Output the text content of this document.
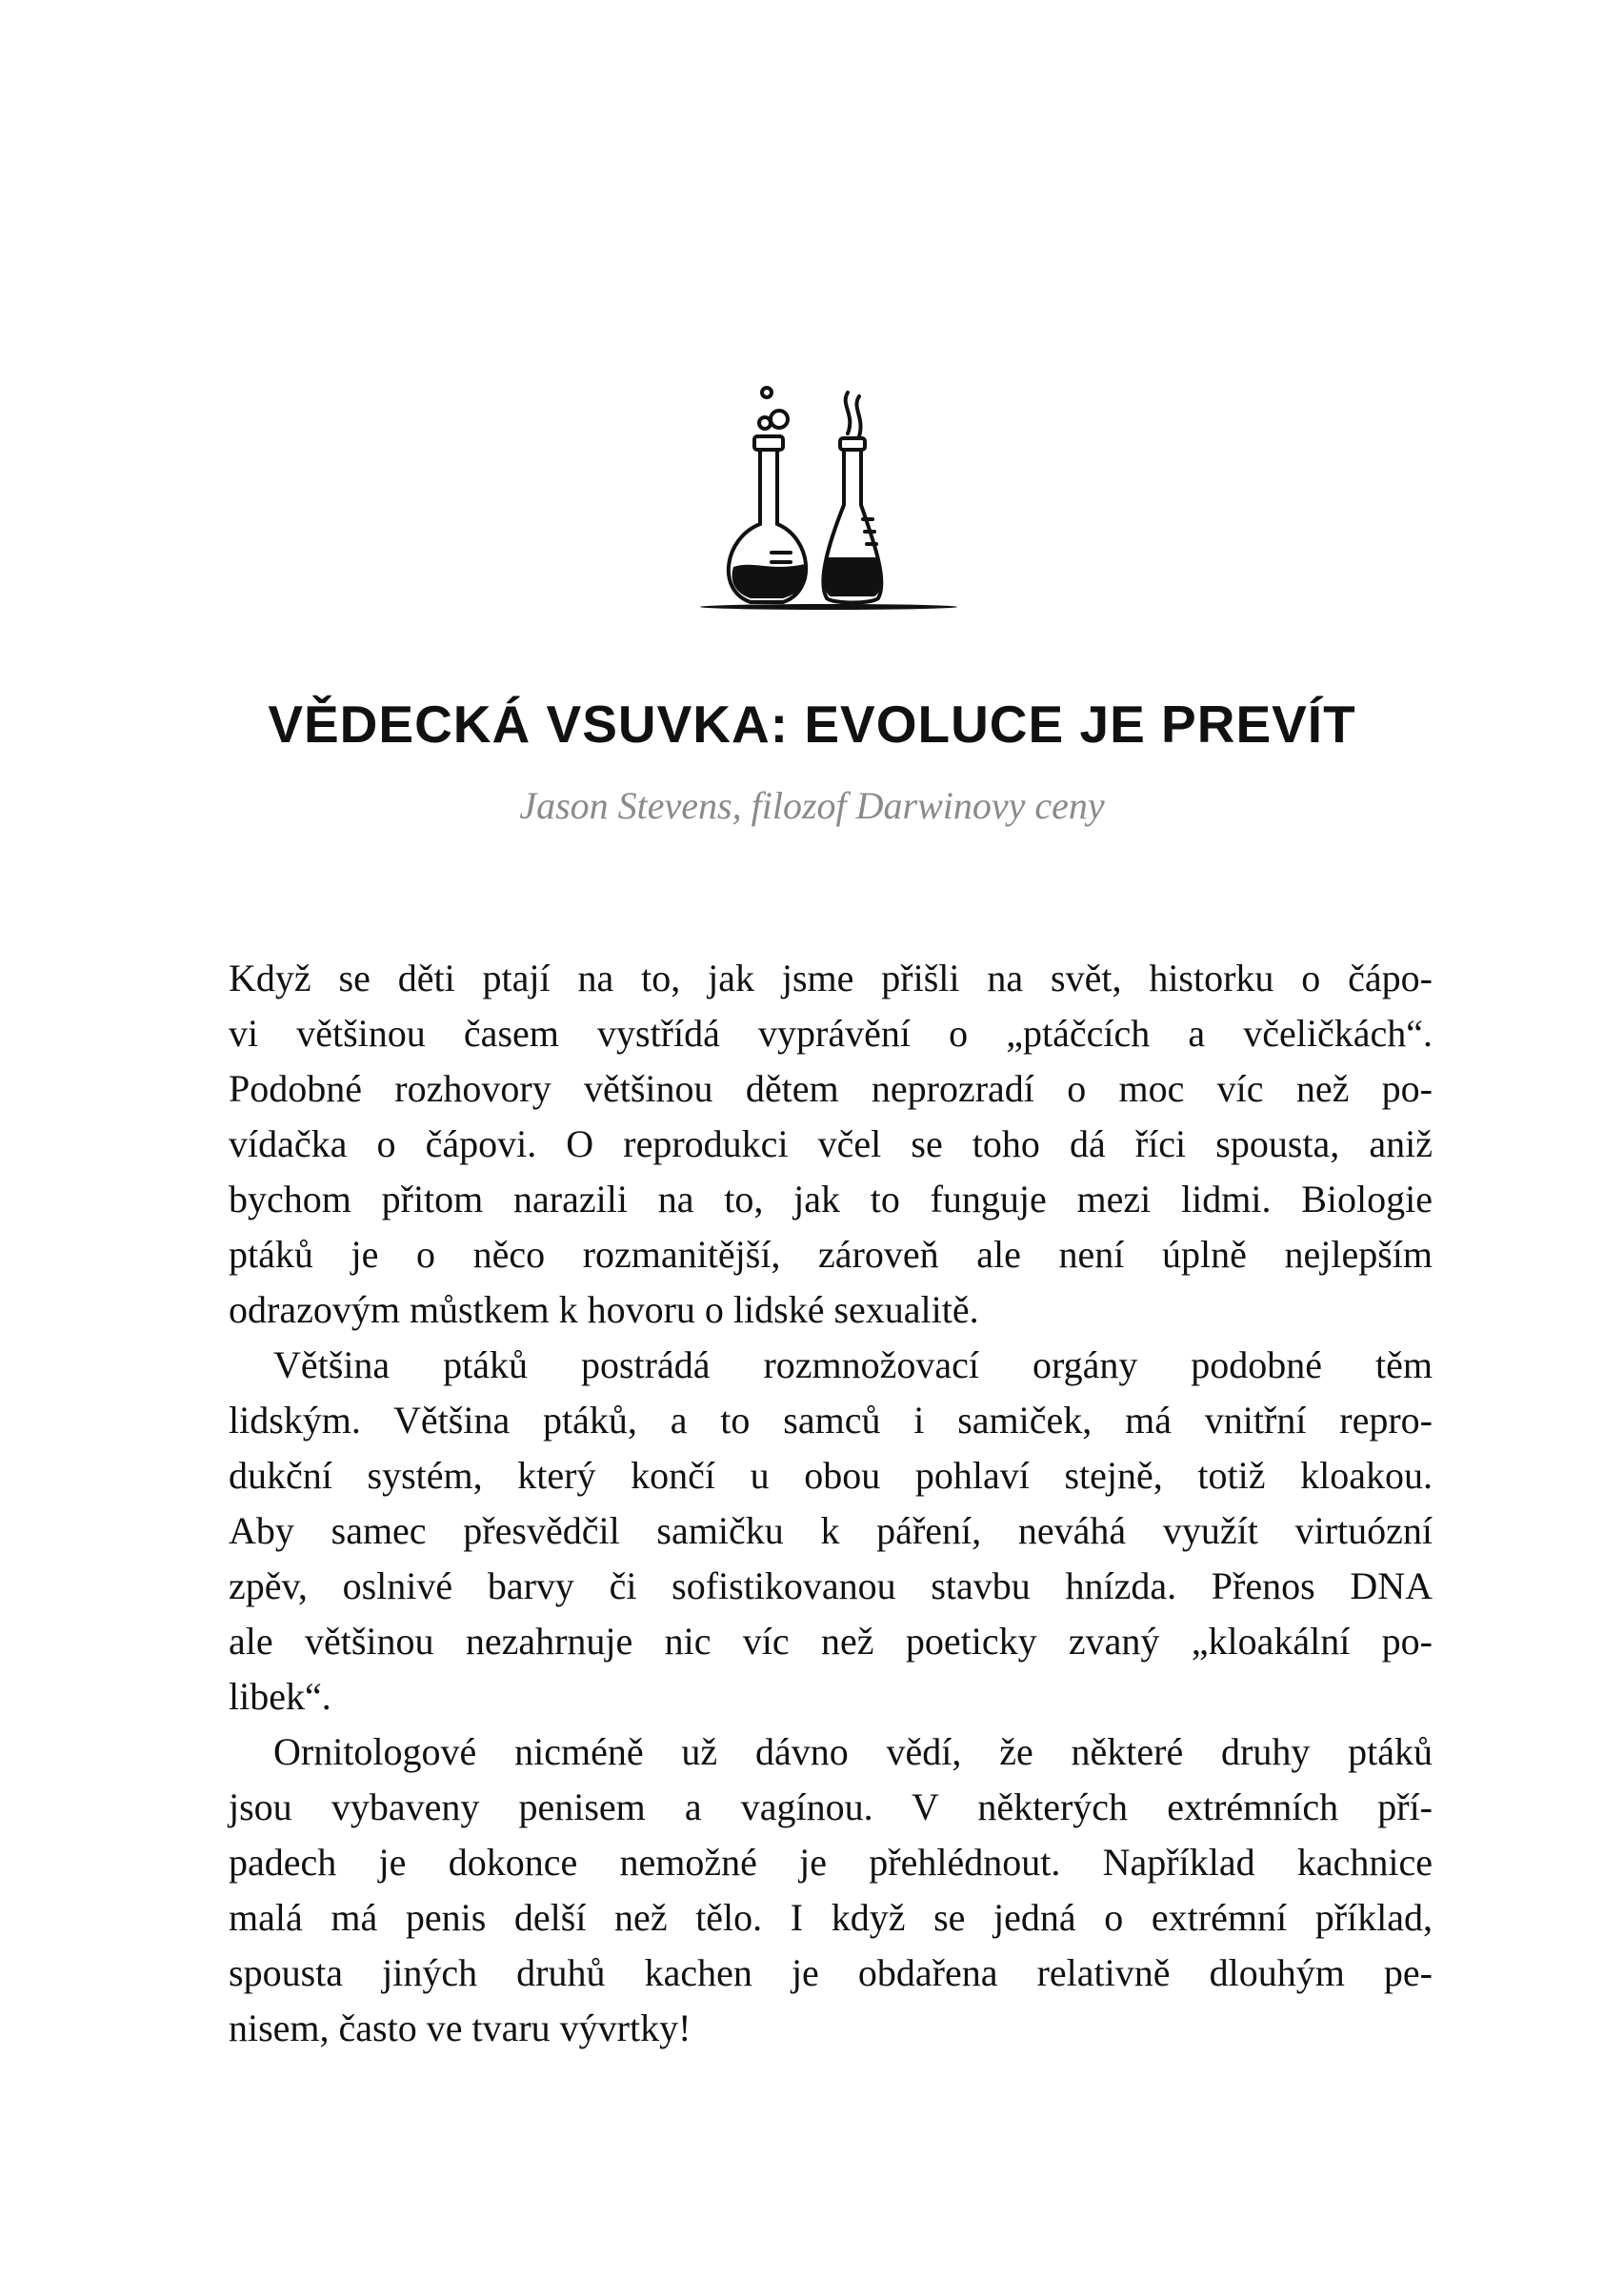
VĚDECKÁ VSUVKA: EVOLUCE JE PREVÍT
Jason Stevens, filozof Darwinovy ceny
Když se děti ptají na to, jak jsme přišli na svět, historku o čápo-
vi většinou časem vystřídá vyprávění o „ptáčcích a včeličkách“.
Podobné rozhovory většinou dětem neprozradí o moc víc než po-
vídačka o čápovi. O reprodukci včel se toho dá říci spousta, aniž
bychom přitom narazili na to, jak to funguje mezi lidmi. Biologie
ptáků je o něco rozmanitější, zároveň ale není úplně nejlepším
odrazovým můstkem k hovoru o lidské sexualitě.
Většina ptáků postrádá rozmnožovací orgány podobné těm
lidským. Většina ptáků, a to samců i samiček, má vnitřní repro-
dukční systém, který končí u obou pohlaví stejně, totiž kloakou.
Aby samec přesvědčil samičku k páření, neváhá využít virtuózní
zpěv, oslnivé barvy či sofistikovanou stavbu hnízda. Přenos DNA
ale většinou nezahrnuje nic víc než poeticky zvaný „kloakální po-
libek“.
Ornitologové nicméně už dávno vědí, že některé druhy ptáků
jsou vybaveny penisem a vagínou. V některých extrémních pří-
padech je dokonce nemožné je přehlédnout. Například kachnice
malá má penis delší než tělo. I když se jedná o extrémní příklad,
spousta jiných druhů kachen je obdařena relativně dlouhým pe-
nisem, často ve tvaru vývrtky!
